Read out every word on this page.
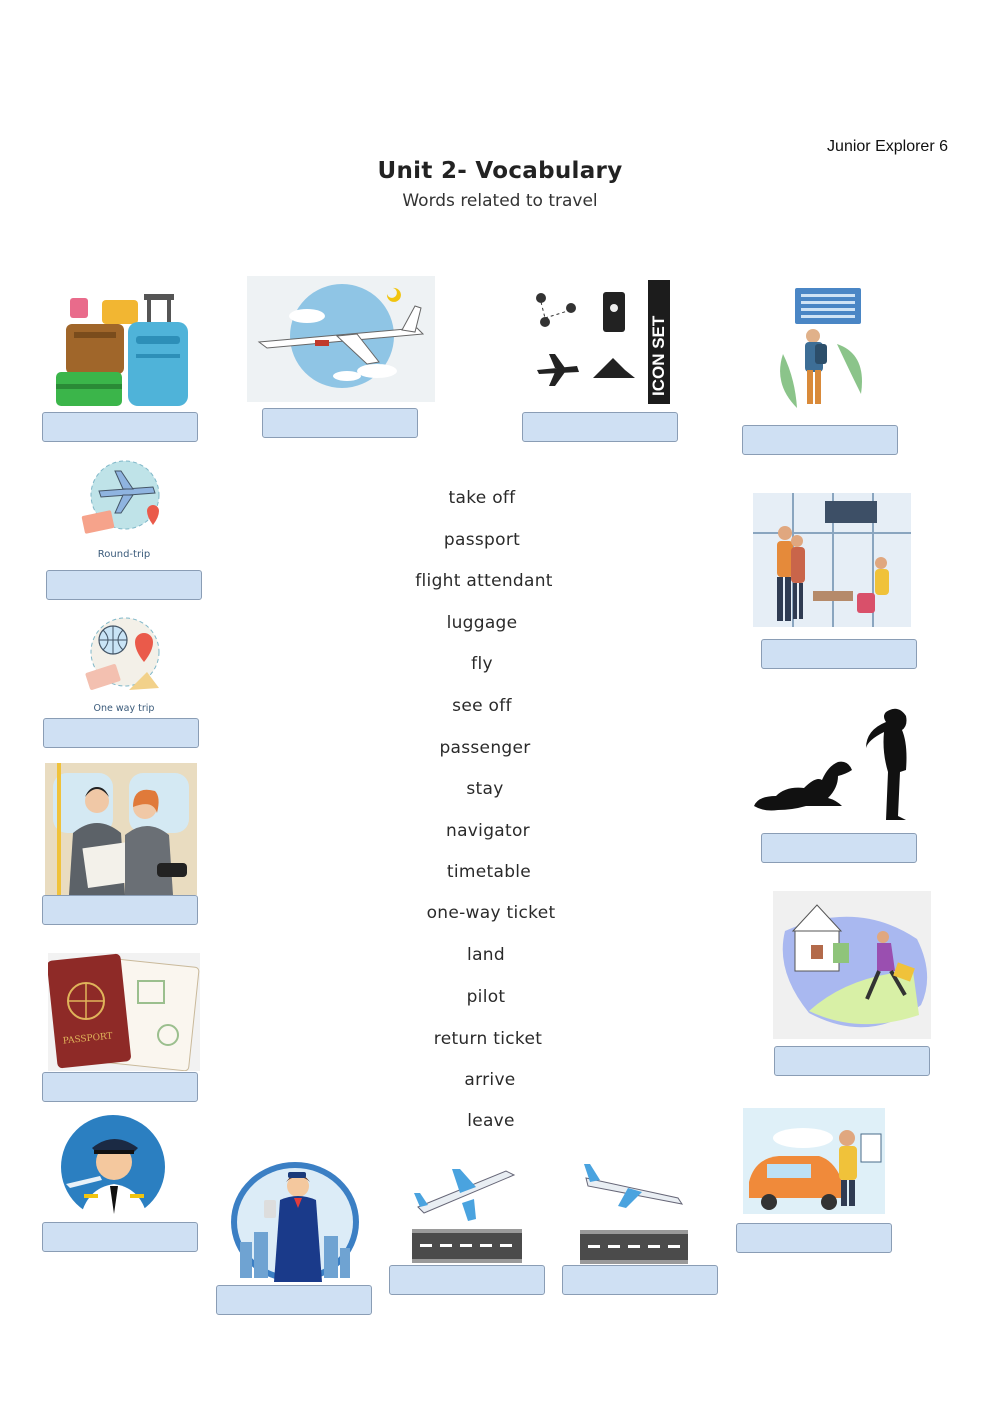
Junior Explorer 6
Unit 2- Vocabulary
Words related to travel
take off
passport
flight attendant
luggage
fly
see off
passenger
stay
navigator
timetable
one-way ticket
land
pilot
return ticket
arrive
leave
ICON SET
Round-trip
One way trip
PASSPORT
